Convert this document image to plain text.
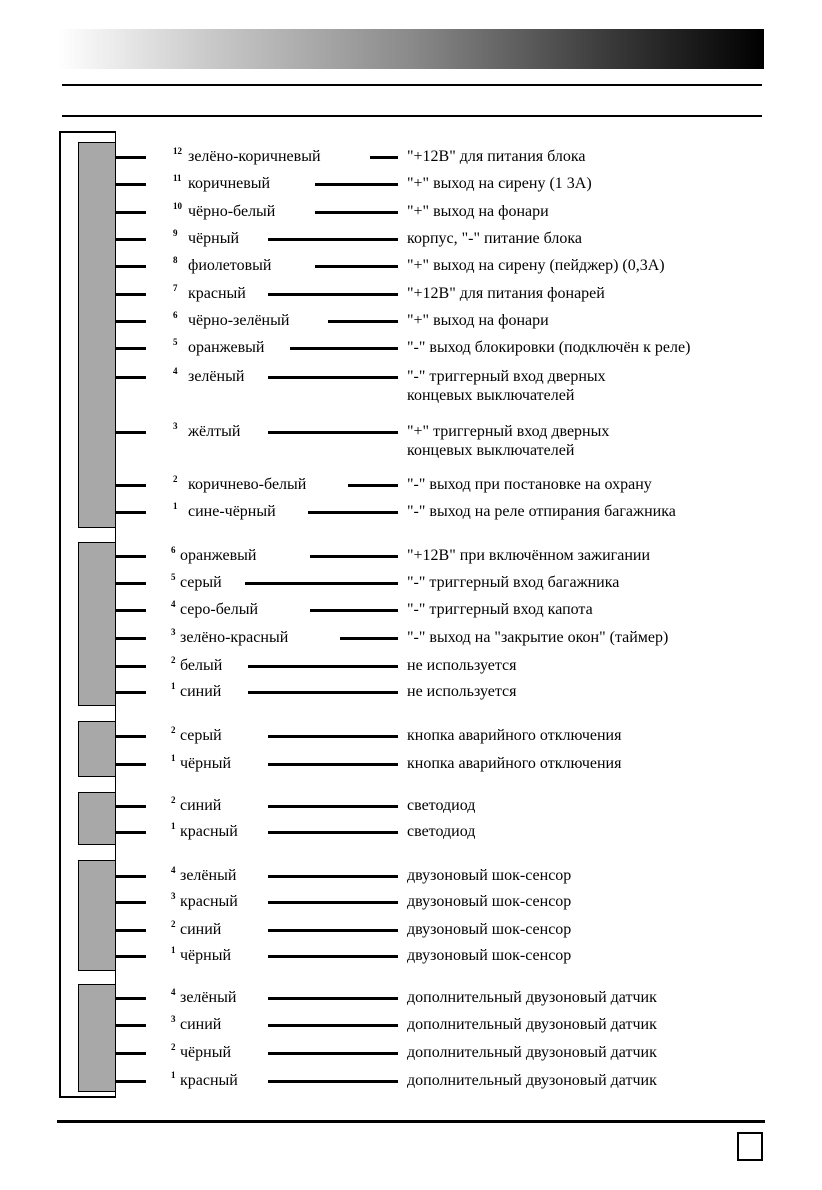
12 зелёно-коричневый	"+12В" для питания блока
11 коричневый	"+" выход на сирену (1 3А)
10 чёрно-белый	"+" выход на фонари
9 чёрный	корпус, "-" питание блока
8 фиолетовый	"+" выход на сирену (пейджер) (0,3А)
7 красный	"+12В" для питания фонарей
6 чёрно-зелёный	"+" выход на фонари
5 оранжевый	"-" выход блокировки (подключён к реле)
4 зелёный	"-" триггерный вход дверных концевых выключателей
3 жёлтый	"+" триггерный вход дверных концевых выключателей
2 коричнево-белый	"-" выход при постановке на охрану
1 сине-чёрный	"-" выход на реле отпирания багажника
6 оранжевый	"+12В" при включённом зажигании
5 серый	"-" триггерный вход багажника
4 серо-белый	"-" триггерный вход капота
3 зелёно-красный	"-" выход на "закрытие окон" (таймер)
2 белый	не используется
1 синий	не используется
2 серый	кнопка аварийного отключения
1 чёрный	кнопка аварийного отключения
2 синий	светодиод
1 красный	светодиод
4 зелёный	двузоновый шок-сенсор
3 красный	двузоновый шок-сенсор
2 синий	двузоновый шок-сенсор
1 чёрный	двузоновый шок-сенсор
4 зелёный	дополнительный двузоновый датчик
3 синий	дополнительный двузоновый датчик
2 чёрный	дополнительный двузоновый датчик
1 красный	дополнительный двузоновый датчик
